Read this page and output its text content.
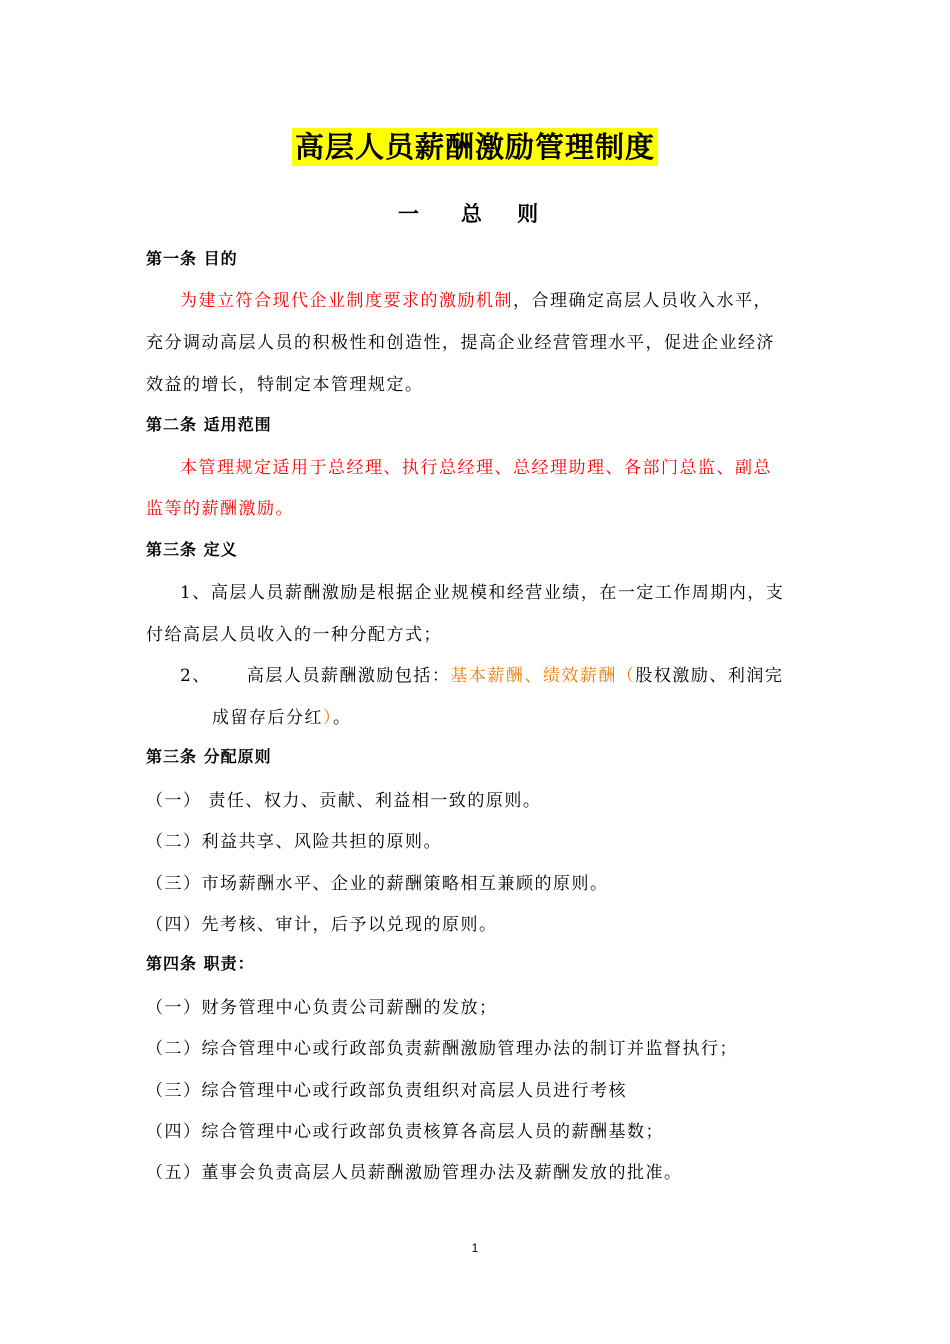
高层人员薪酬激励管理制度
一 总 则
第一条 目的
为建立符合现代企业制度要求的激励机制，合理确定高层人员收入水平，
充分调动高层人员的积极性和创造性，提高企业经营管理水平，促进企业经济
效益的增长，特制定本管理规定。
第二条 适用范围
本管理规定适用于总经理、执行总经理、总经理助理、各部门总监、副总
监等的薪酬激励。
第三条 定义
1、高层人员薪酬激励是根据企业规模和经营业绩，在一定工作周期内，支
付给高层人员收入的一种分配方式；
2、 高层人员薪酬激励包括：基本薪酬、绩效薪酬（股权激励、利润完
成留存后分红）。
第三条 分配原则
（一） 责任、权力、贡献、利益相一致的原则。
（二）利益共享、风险共担的原则。
（三）市场薪酬水平、企业的薪酬策略相互兼顾的原则。
（四）先考核、审计，后予以兑现的原则。
第四条 职责：
（一）财务管理中心负责公司薪酬的发放；
（二）综合管理中心或行政部负责薪酬激励管理办法的制订并监督执行；
（三）综合管理中心或行政部负责组织对高层人员进行考核
（四）综合管理中心或行政部负责核算各高层人员的薪酬基数；
（五）董事会负责高层人员薪酬激励管理办法及薪酬发放的批准。
1
